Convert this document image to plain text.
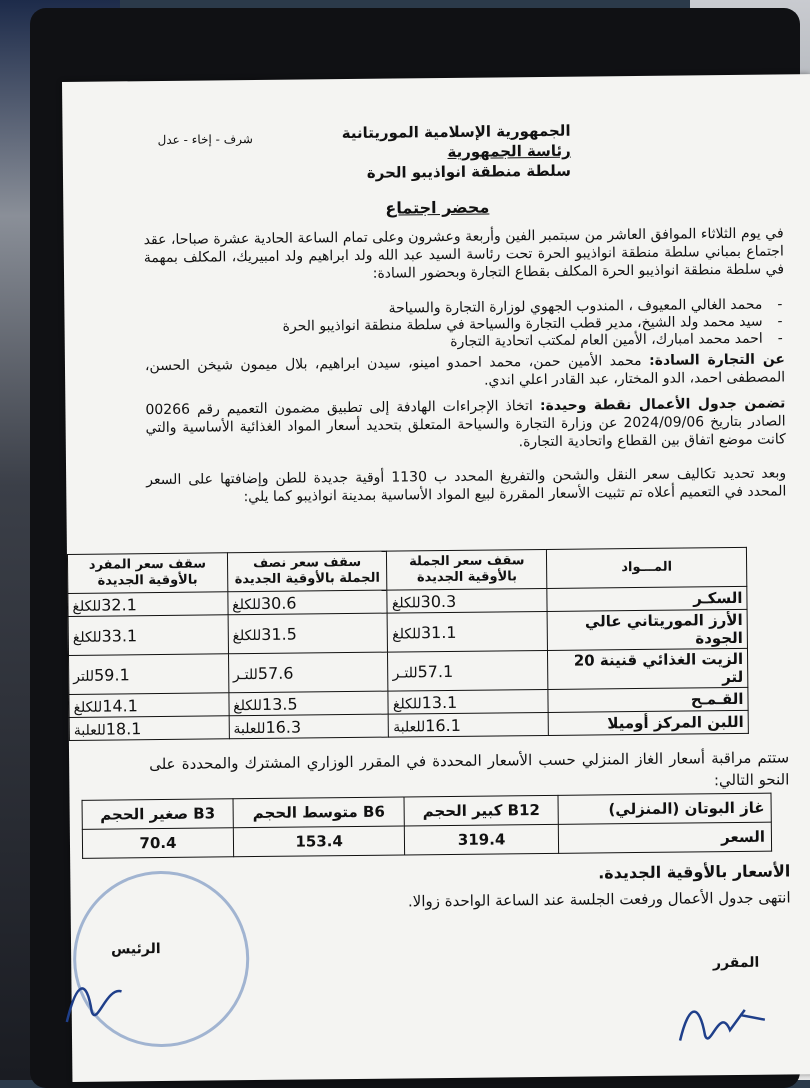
الجمهورية الإسلامية الموريتانية
رئاسة الجمهورية
سلطة منطقة انواذيبو الحرة
شرف - إخاء - عدل
محضر اجتماع
في يوم الثلاثاء الموافق العاشر من سبتمبر الفين وأربعة وعشرون وعلى تمام الساعة الحادية عشرة صباحا، عقد اجتماع بمباني سلطة منطقة انواذيبو الحرة تحت رئاسة السيد عبد الله ولد ابراهيم ولد امبيريك، المكلف بمهمة في سلطة منطقة انواذيبو الحرة المكلف بقطاع التجارة وبحضور السادة:
- محمد الغالي المعيوف ، المندوب الجهوي لوزارة التجارة والسياحة
- سيد محمد ولد الشيخ، مدير قطب التجارة والسياحة في سلطة منطقة انواذيبو الحرة
- احمد محمد امبارك، الأمين العام لمكتب اتحادية التجارة
عن التجارة السادة: محمد الأمين حمن، محمد احمدو امينو، سيدن ابراهيم، بلال ميمون شيخن الحسن، المصطفى احمد، الدو المختار، عبد القادر اعلي اندي.
تضمن جدول الأعمال نقطة وحيدة: اتخاذ الإجراءات الهادفة إلى تطبيق مضمون التعميم رقم 00266 الصادر بتاريخ 2024/09/06 عن وزارة التجارة والسياحة المتعلق بتحديد أسعار المواد الغذائية الأساسية والتي كانت موضع اتفاق بين القطاع واتحادية التجارة.
وبعد تحديد تكاليف سعر النقل والشحن والتفريغ المحدد ب 1130 أوقية جديدة للطن وإضافتها على السعر المحدد في التعميم أعلاه تم تثبيت الأسعار المقررة لبيع المواد الأساسية بمدينة انواذيبو كما يلي:
المـــواد	سقف سعر الجملة بالأوقية الجديدة	سقف سعر نصف الجملة بالأوقية الجديدة	سقف سعر المفرد بالأوقية الجديدة
السكـر	30.3للكلغ	30.6للكلغ	32.1للكلغ
الأرز الموريتاني عالي الجودة	31.1للكلغ	31.5للكلغ	33.1للكلغ
الزيت الغذائي قنينة 20 لتر	57.1للتـر	57.6للتـر	59.1للتر
القـمـح	13.1للكلغ	13.5للكلغ	14.1للكلغ
اللبن المركز أوميلا	16.1للعلبة	16.3للعلبة	18.1للعلبة
ستتم مراقبة أسعار الغاز المنزلي حسب الأسعار المحددة في المقرر الوزاري المشترك والمحددة على النحو التالي:
غاز البوتان (المنزلي)	B12 كبير الحجم	B6 متوسط الحجم	B3 صغير الحجم
السعر	319.4	153.4	70.4
الأسعار بالأوقية الجديدة.
انتهى جدول الأعمال ورفعت الجلسة عند الساعة الواحدة زوالا.
الرئيس
المقرر
